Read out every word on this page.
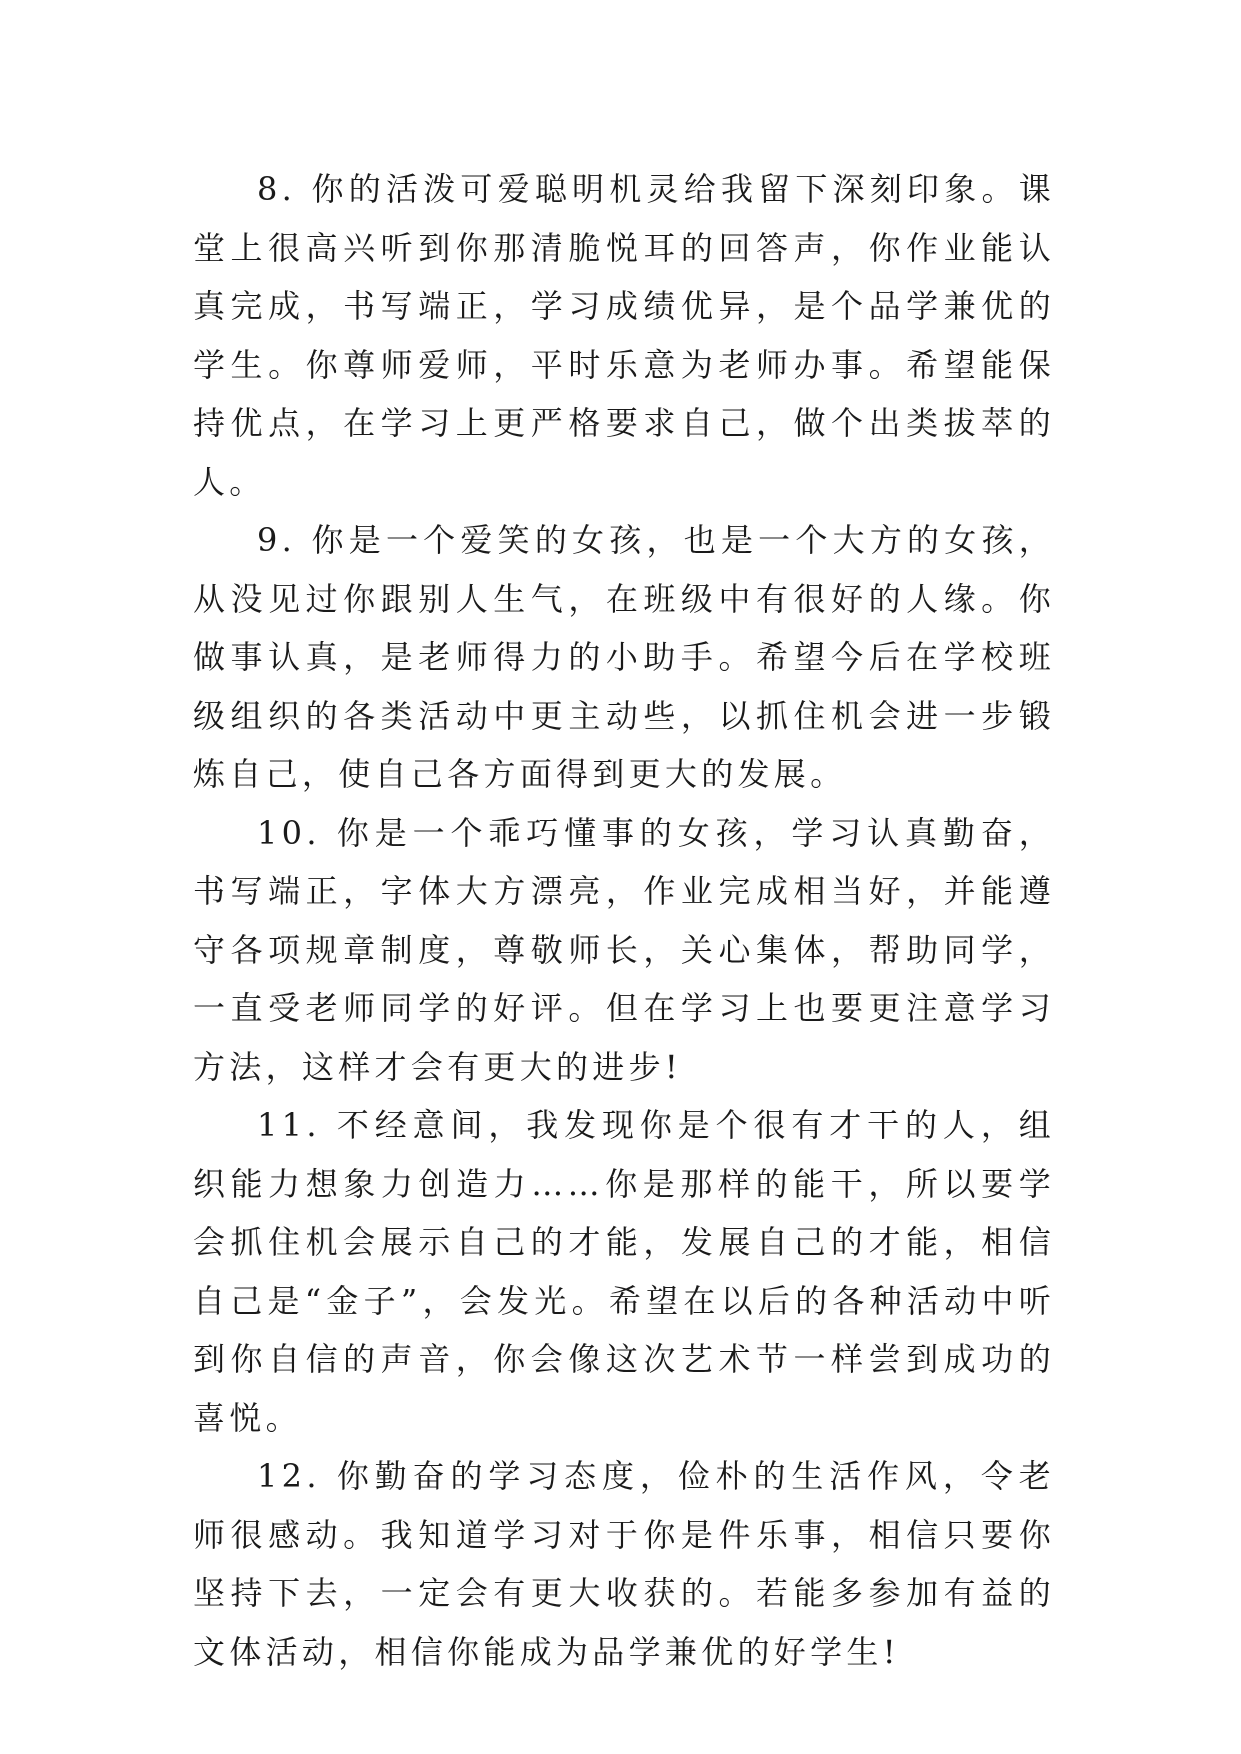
8. 你的活泼可爱聪明机灵给我留下深刻印象。课堂上很高兴听到你那清脆悦耳的回答声，你作业能认真完成，书写端正，学习成绩优异，是个品学兼优的学生。你尊师爱师，平时乐意为老师办事。希望能保持优点，在学习上更严格要求自己，做个出类拔萃的人。

9. 你是一个爱笑的女孩，也是一个大方的女孩，从没见过你跟别人生气，在班级中有很好的人缘。你做事认真，是老师得力的小助手。希望今后在学校班级组织的各类活动中更主动些，以抓住机会进一步锻炼自己，使自己各方面得到更大的发展。

10. 你是一个乖巧懂事的女孩，学习认真勤奋，书写端正，字体大方漂亮，作业完成相当好，并能遵守各项规章制度，尊敬师长，关心集体，帮助同学，一直受老师同学的好评。但在学习上也要更注意学习方法，这样才会有更大的进步!

11. 不经意间，我发现你是个很有才干的人，组织能力想象力创造力……你是那样的能干，所以要学会抓住机会展示自己的才能，发展自己的才能，相信自己是“金子”，会发光。希望在以后的各种活动中听到你自信的声音，你会像这次艺术节一样尝到成功的喜悦。

12. 你勤奋的学习态度，俭朴的生活作风，令老师很感动。我知道学习对于你是件乐事，相信只要你坚持下去，一定会有更大收获的。若能多参加有益的文体活动，相信你能成为品学兼优的好学生!
